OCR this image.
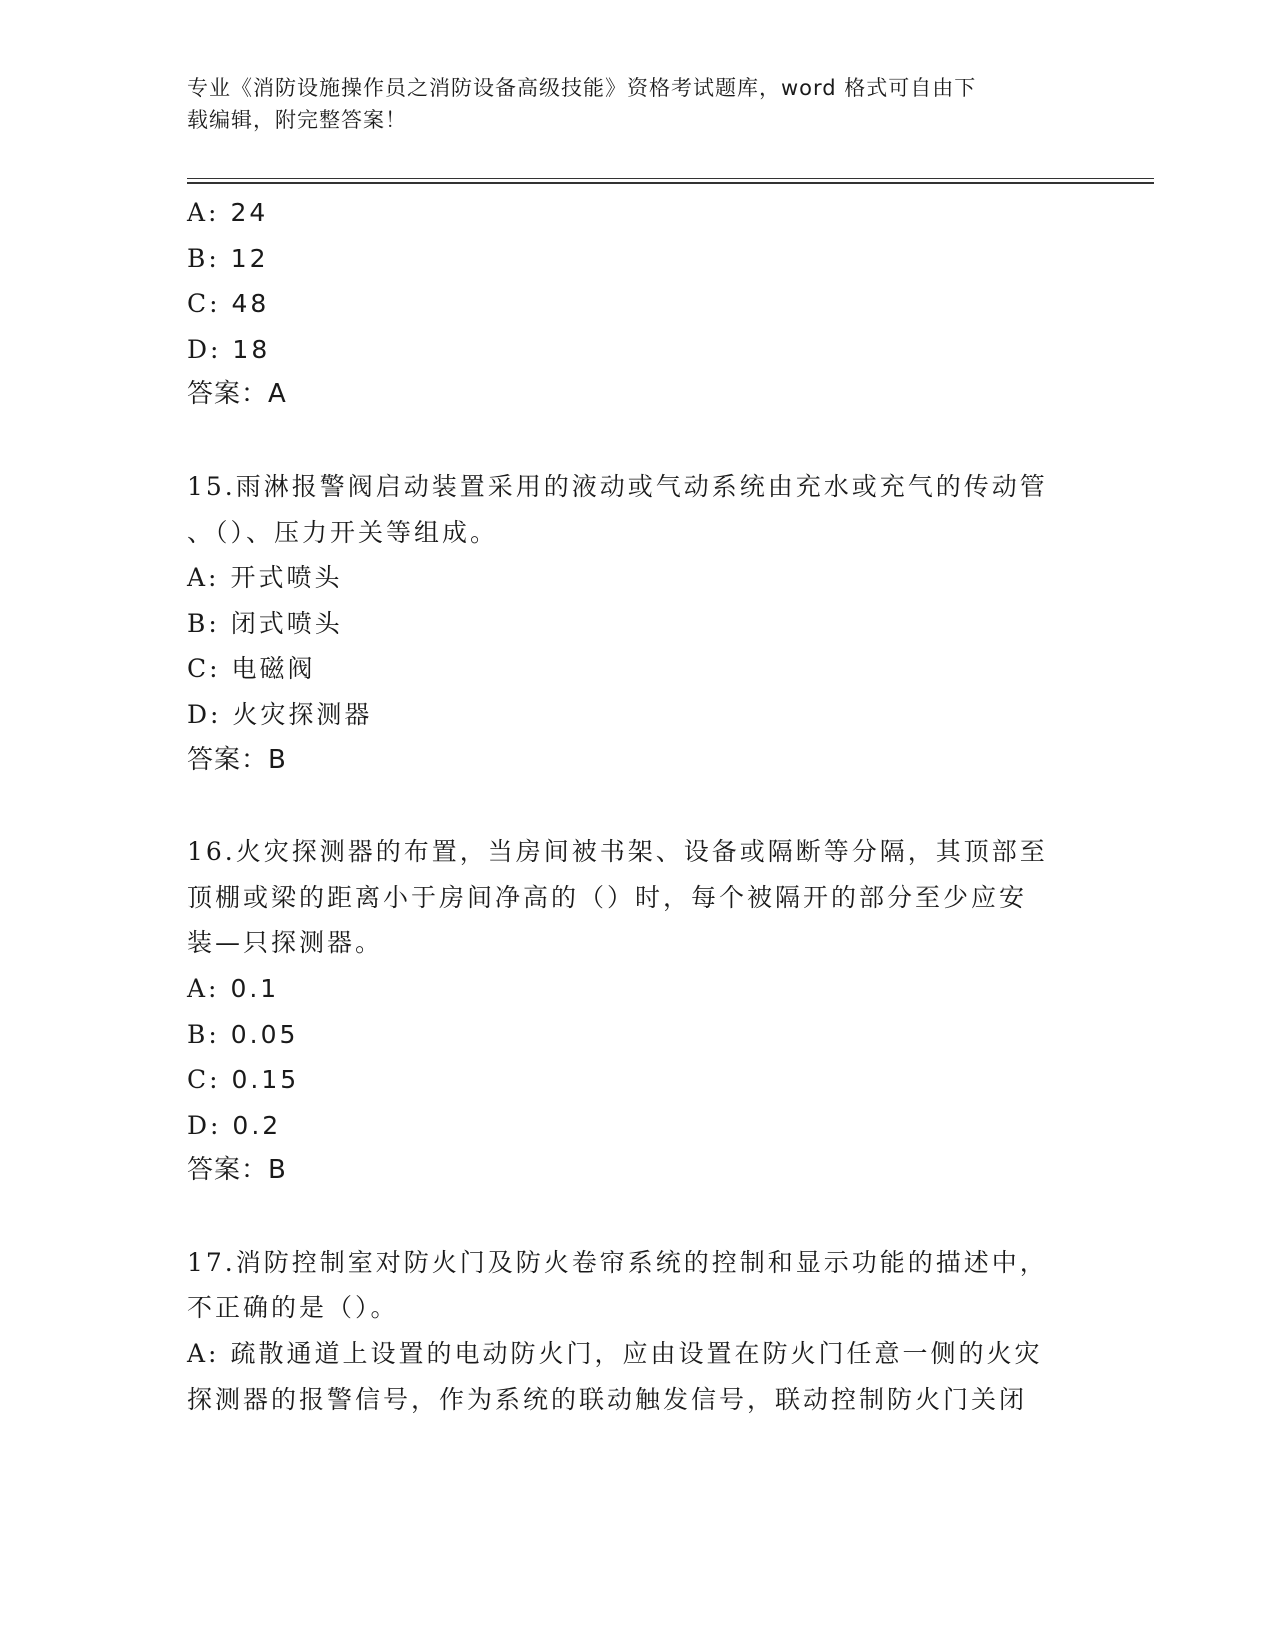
专业《消防设施操作员之消防设备高级技能》资格考试题库，word 格式可自由下
载编辑，附完整答案！
A: 24
B: 12
C: 48
D: 18
答案：A
15.雨淋报警阀启动装置采用的液动或气动系统由充水或充气的传动管
、（）、压力开关等组成。
A: 开式喷头
B: 闭式喷头
C: 电磁阀
D: 火灾探测器
答案：B
16.火灾探测器的布置，当房间被书架、设备或隔断等分隔，其顶部至
顶棚或梁的距离小于房间净高的（）时，每个被隔开的部分至少应安
装—只探测器。
A: 0.1
B: 0.05
C: 0.15
D: 0.2
答案：B
17.消防控制室对防火门及防火卷帘系统的控制和显示功能的描述中，
不正确的是（）。
A: 疏散通道上设置的电动防火门，应由设置在防火门任意一侧的火灾
探测器的报警信号，作为系统的联动触发信号，联动控制防火门关闭
